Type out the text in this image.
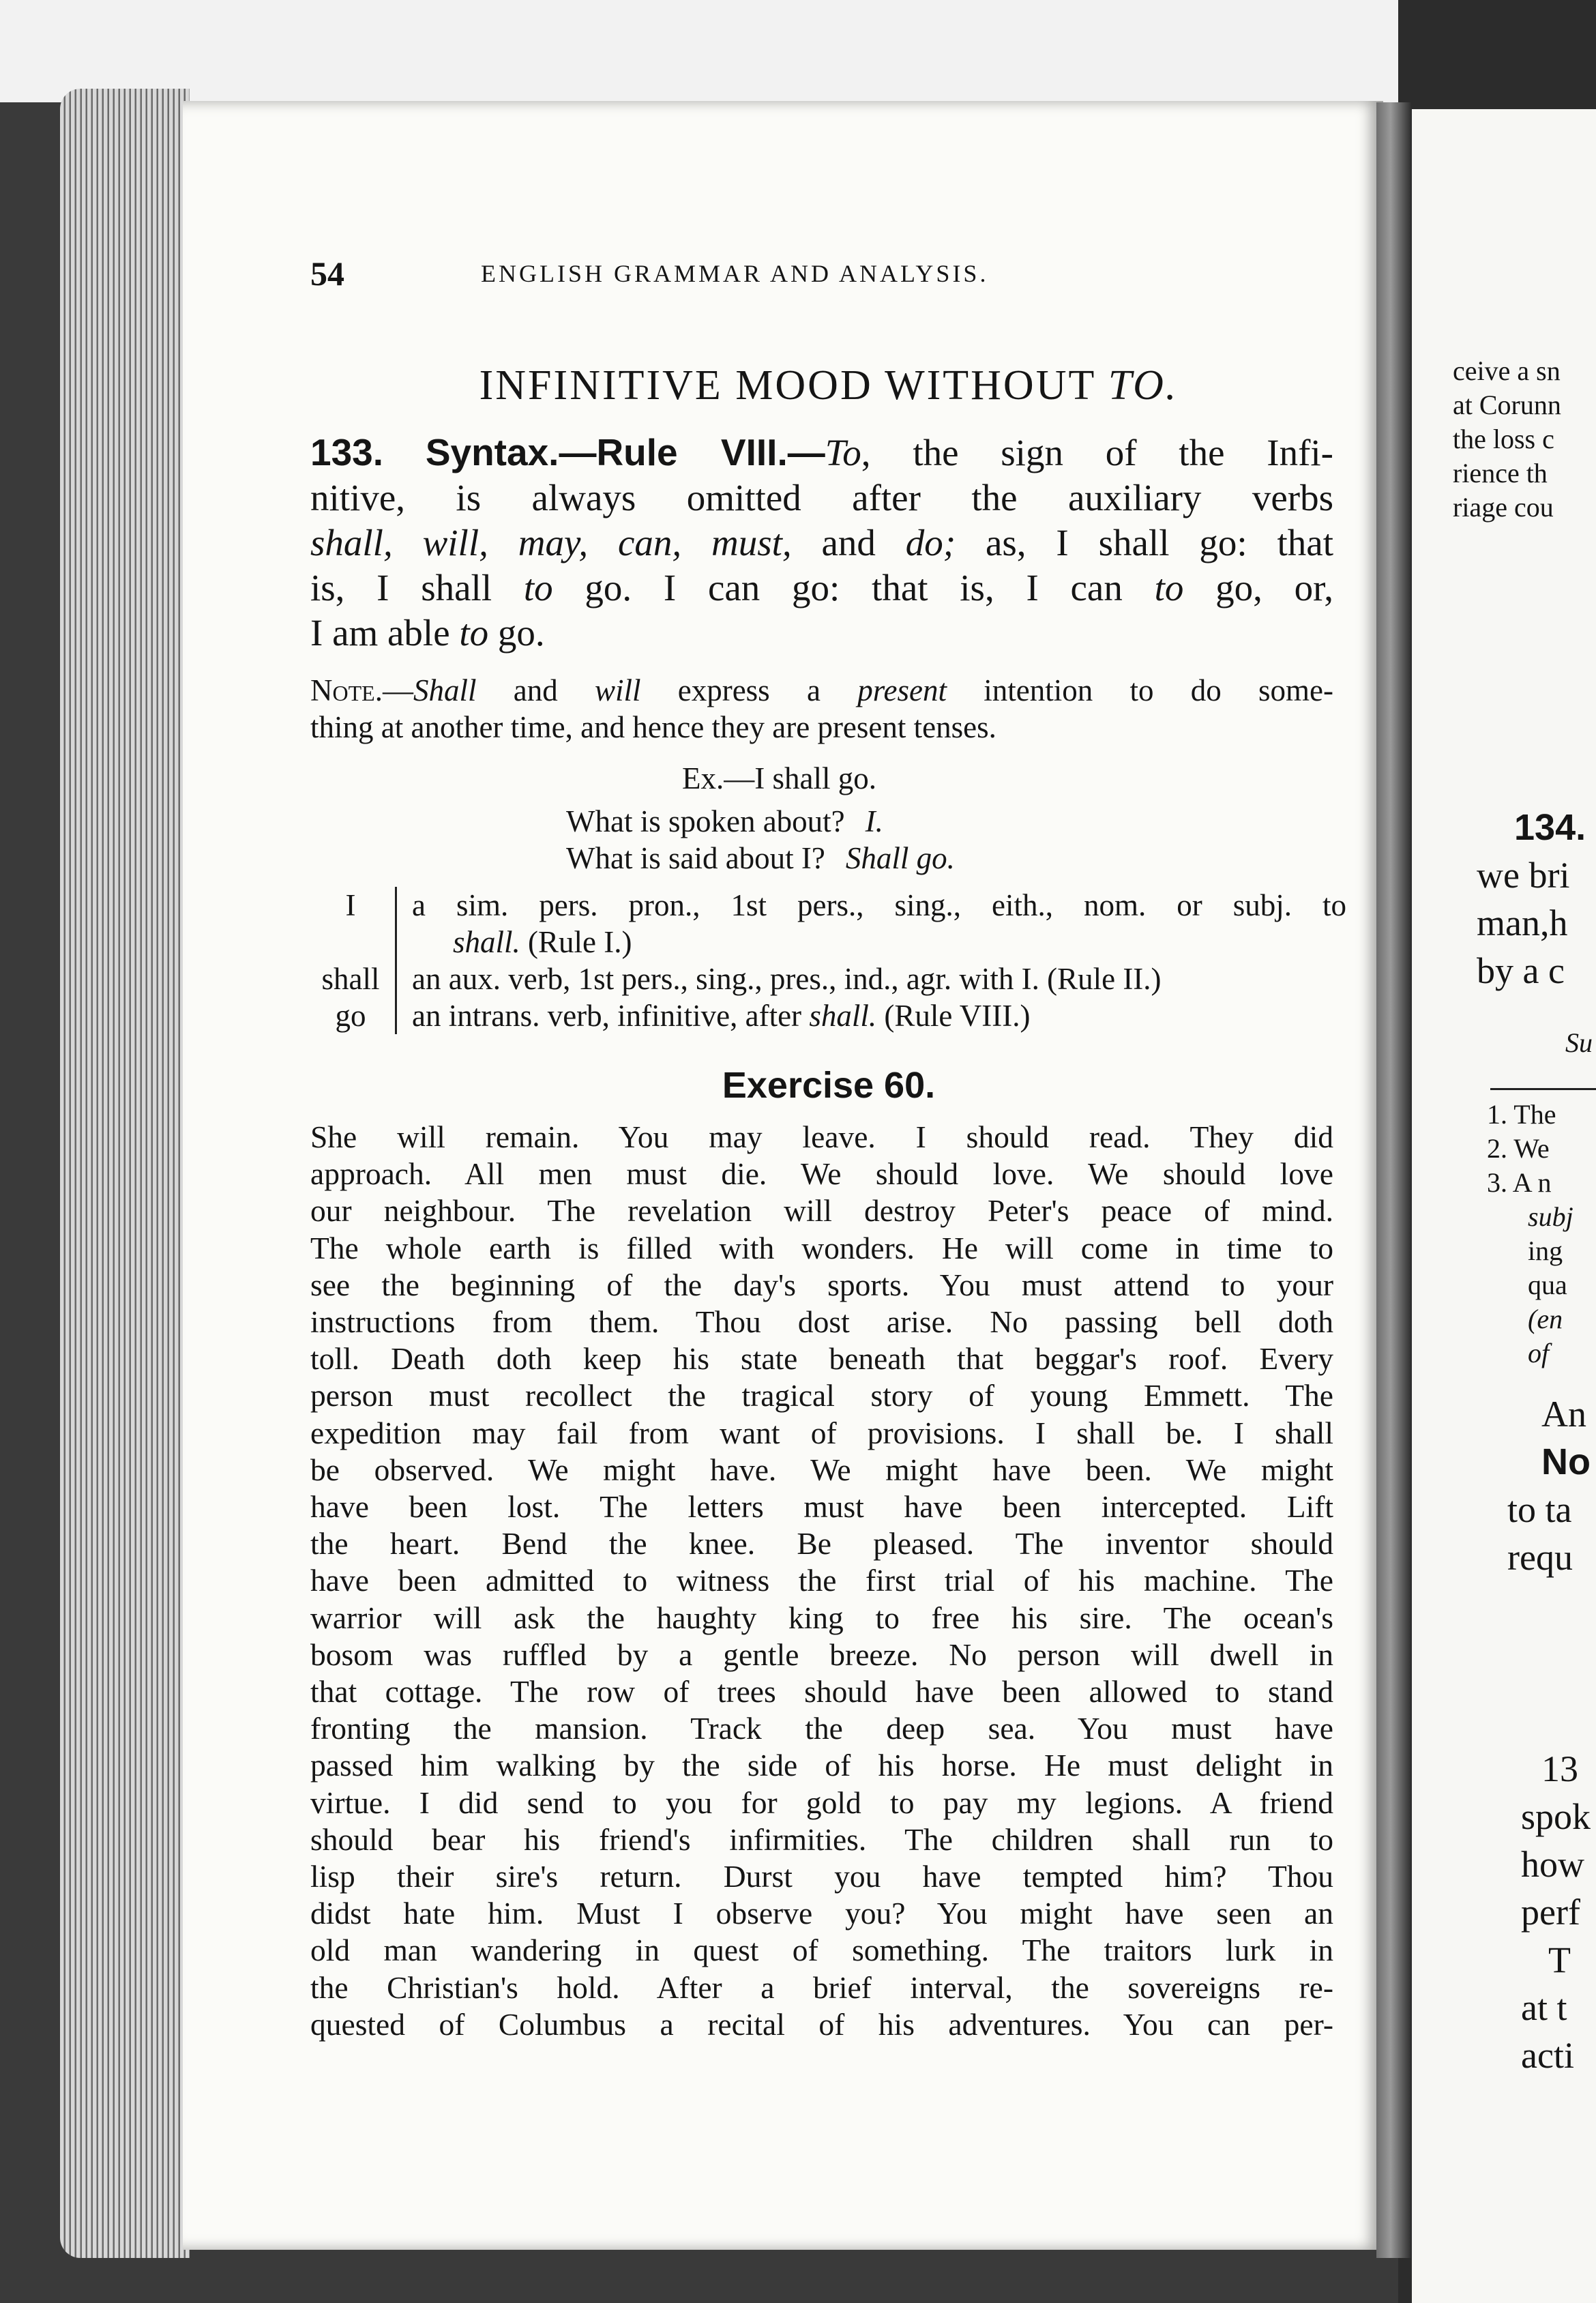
54	ENGLISH GRAMMAR AND ANALYSIS.
INFINITIVE MOOD WITHOUT TO.
133. Syntax.—Rule VIII.—To, the sign of the Infi-
nitive, is always omitted after the auxiliary verbs
shall, will, may, can, must, and do; as, I shall go: that
is, I shall to go. I can go: that is, I can to go, or,
I am able to go.
Note.—Shall and will express a present intention to do some-
thing at another time, and hence they are present tenses.
Ex.—I shall go.
What is spoken about? I.
What is said about I? Shall go.
I	a sim. pers. pron., 1st pers., sing., eith., nom. or subj. to
shall. (Rule I.)
shall	an aux. verb, 1st pers., sing., pres., ind., agr. with I. (Rule II.)
go	an intrans. verb, infinitive, after shall. (Rule VIII.)
Exercise 60.
She will remain. You may leave. I should read. They did
approach. All men must die. We should love. We should love
our neighbour. The revelation will destroy Peter's peace of mind.
The whole earth is filled with wonders. He will come in time to
see the beginning of the day's sports. You must attend to your
instructions from them. Thou dost arise. No passing bell doth
toll. Death doth keep his state beneath that beggar's roof. Every
person must recollect the tragical story of young Emmett. The
expedition may fail from want of provisions. I shall be. I shall
be observed. We might have. We might have been. We might
have been lost. The letters must have been intercepted. Lift
the heart. Bend the knee. Be pleased. The inventor should
have been admitted to witness the first trial of his machine. The
warrior will ask the haughty king to free his sire. The ocean's
bosom was ruffled by a gentle breeze. No person will dwell in
that cottage. The row of trees should have been allowed to stand
fronting the mansion. Track the deep sea. You must have
passed him walking by the side of his horse. He must delight in
virtue. I did send to you for gold to pay my legions. A friend
should bear his friend's infirmities. The children shall run to
lisp their sire's return. Durst you have tempted him? Thou
didst hate him. Must I observe you? You might have seen an
old man wandering in quest of something. The traitors lurk in
the Christian's hold. After a brief interval, the sovereigns re-
quested of Columbus a recital of his adventures. You can per-
ceive a sn
at Corunn
the loss c
rience th
riage cou
134.
we bri
man,h
by a c
Su
1. The
2. We
3. A n
subj
ing
qua
(en
of
An
No
to ta
requ
13
spok
how
perf
T
at t
acti
